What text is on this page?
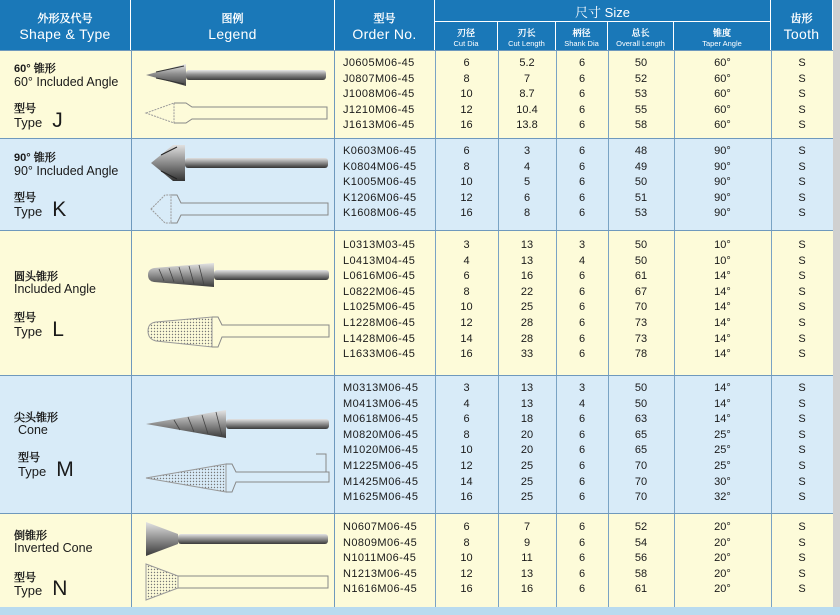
外形及代号
Shape & Type
图例
Legend
型号
Order No.
尺寸 Size
刃径
Cut Dia
刃长
Cut Length
柄径
Shank Dia
总长
Overall Length
锥度
Taper Angle
齿形
Tooth
60° 锥形
60° Included Angle
型号
Type J
90° 锥形
90° Included Angle
型号
Type K
圆头锥形
Included Angle
型号
Type L
尖头锥形
Cone
型号
Type M
倒锥形
Inverted Cone
型号
Type N
J0605M06-45	6	5.2	6	50	60°	S
J0807M06-45	8	7	6	52	60°	S
J1008M06-45	10	8.7	6	53	60°	S
J1210M06-45	12	10.4	6	55	60°	S
J1613M06-45	16	13.8	6	58	60°	S
K0603M06-45	6	3	6	48	90°	S
K0804M06-45	8	4	6	49	90°	S
K1005M06-45	10	5	6	50	90°	S
K1206M06-45	12	6	6	51	90°	S
K1608M06-45	16	8	6	53	90°	S
L0313M03-45	3	13	3	50	10°	S
L0413M04-45	4	13	4	50	10°	S
L0616M06-45	6	16	6	61	14°	S
L0822M06-45	8	22	6	67	14°	S
L1025M06-45	10	25	6	70	14°	S
L1228M06-45	12	28	6	73	14°	S
L1428M06-45	14	28	6	73	14°	S
L1633M06-45	16	33	6	78	14°	S
M0313M06-45	3	13	3	50	14°	S
M0413M06-45	4	13	4	50	14°	S
M0618M06-45	6	18	6	63	14°	S
M0820M06-45	8	20	6	65	25°	S
M1020M06-45	10	20	6	65	25°	S
M1225M06-45	12	25	6	70	25°	S
M1425M06-45	14	25	6	70	30°	S
M1625M06-45	16	25	6	70	32°	S
N0607M06-45	6	7	6	52	20°	S
N0809M06-45	8	9	6	54	20°	S
N1011M06-45	10	11	6	56	20°	S
N1213M06-45	12	13	6	58	20°	S
N1616M06-45	16	16	6	61	20°	S
